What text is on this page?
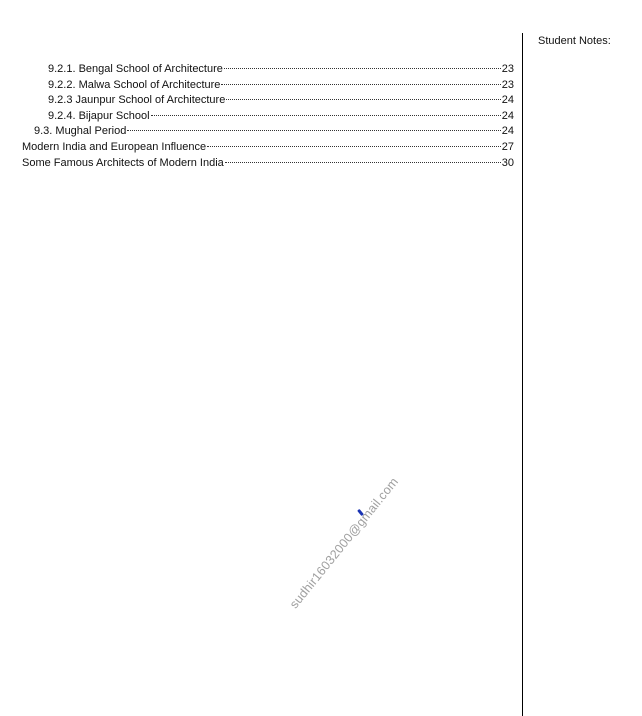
9.2.1. Bengal School of Architecture	23
9.2.2. Malwa School of Architecture	23
9.2.3 Jaunpur School of Architecture	24
9.2.4. Bijapur School	24
9.3. Mughal Period	24
Modern India and European Influence	27
Some Famous Architects of Modern India	30
Student Notes:
sudhir16032000@gmail.com
